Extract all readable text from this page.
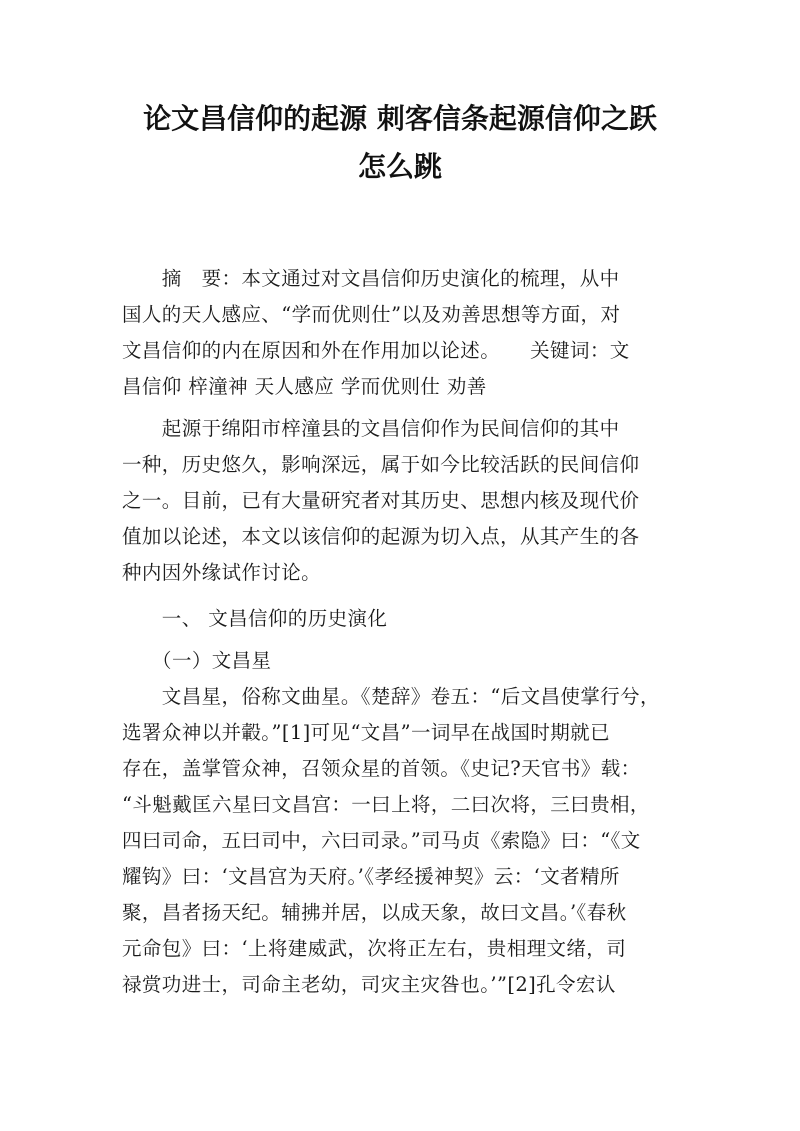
论文昌信仰的起源 刺客信条起源信仰之跃
怎么跳
　　摘　要：本文通过对文昌信仰历史演化的梳理，从中
国人的天人感应、“学而优则仕”以及劝善思想等方面，对
文昌信仰的内在原因和外在作用加以论述。　　关键词：文
昌信仰 梓潼神 天人感应 学而优则仕 劝善
　　起源于绵阳市梓潼县的文昌信仰作为民间信仰的其中
一种，历史悠久，影响深远，属于如今比较活跃的民间信仰
之一。目前，已有大量研究者对其历史、思想内核及现代价
值加以论述，本文以该信仰的起源为切入点，从其产生的各
种内因外缘试作讨论。
　　一、 文昌信仰的历史演化
　　（一）文昌星
　　文昌星，俗称文曲星。《楚辞》卷五：“后文昌使掌行兮，
选署众神以并轂。”[1]可见“文昌”一词早在战国时期就已
存在，盖掌管众神，召领众星的首领。《史记?天官书》载：
“斗魁戴匡六星曰文昌宫：一曰上将，二曰次将，三曰贵相，
四曰司命，五曰司中，六曰司录。”司马贞《索隐》曰：“《文
耀钩》曰：‘文昌宫为天府。’《孝经援神契》云：‘文者精所
聚，昌者扬天纪。辅拂并居，以成天象，故曰文昌。’《春秋
元命包》曰：‘上将建威武，次将正左右，贵相理文绪，司
禄赏功进士，司命主老幼，司灾主灾咎也。’”[2]孔令宏认
